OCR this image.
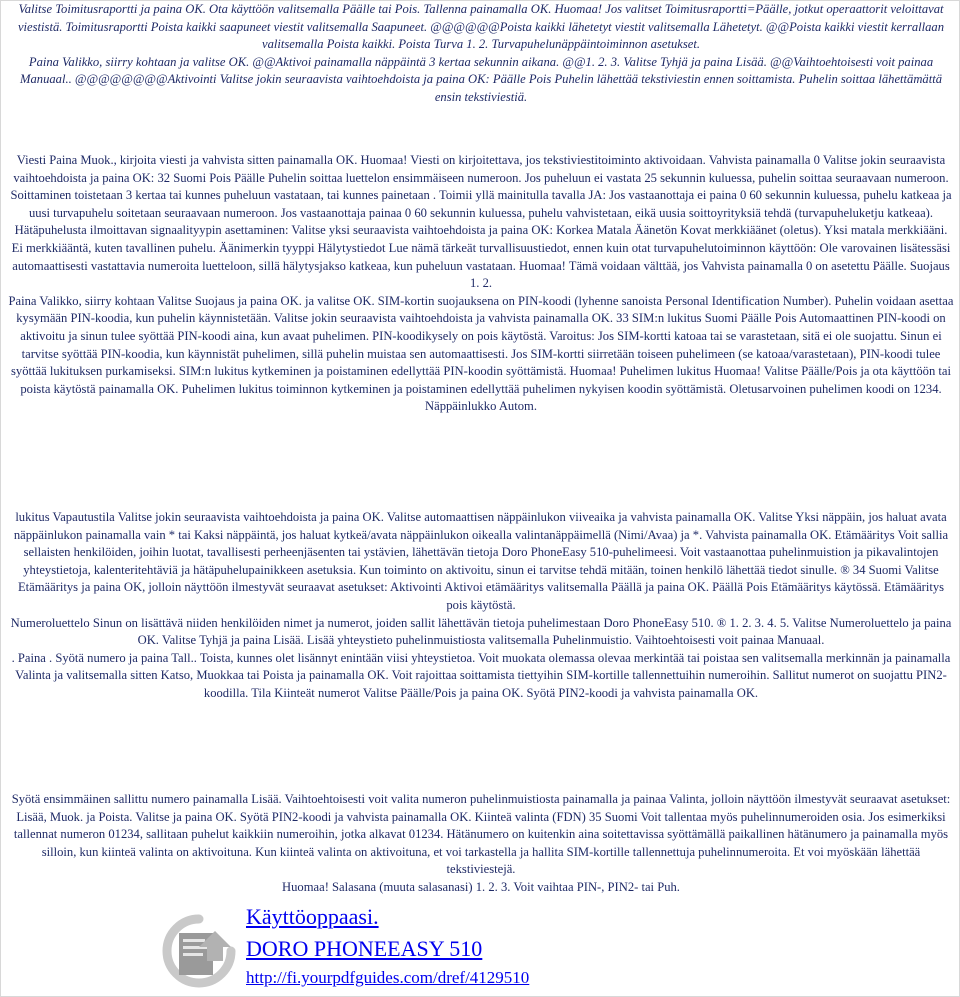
Valitse Toimitusraportti ja paina OK. Ota käyttöön valitsemalla Päälle tai Pois. Tallenna painamalla OK. Huomaa! Jos valitset Toimitusraportti=Päälle, jotkut operaattorit veloittavat viestistä. Toimitusraportti Poista kaikki saapuneet viestit valitsemalla Saapuneet. @@@@@@Poista kaikki lähetetyt viestit valitsemalla Lähetetyt. @@Poista kaikki viestit kerrallaan valitsemalla Poista kaikki. Poista Turva 1. 2. Turvapuhelunäppäintoiminnon asetukset.
Paina Valikko, siirry kohtaan ja valitse OK. @@Aktivoi painamalla näppäintä 3 kertaa sekunnin aikana. @@1. 2. 3. Valitse Tyhjä ja paina Lisää. @@Vaihtoehtoisesti voit painaa Manuaal.. @@@@@@@@Aktivointi Valitse jokin seuraavista vaihtoehdoista ja paina OK: Päälle Pois Puhelin lähettää tekstiviestin ennen soittamista. Puhelin soittaa lähettämättä ensin tekstiviestiä.
Viesti Paina Muok., kirjoita viesti ja vahvista sitten painamalla OK. Huomaa! Viesti on kirjoitettava, jos tekstiviestitoiminto aktivoidaan. Vahvista painamalla 0 Valitse jokin seuraavista vaihtoehdoista ja paina OK: 32 Suomi Pois Päälle Puhelin soittaa luettelon ensimmäiseen numeroon. Jos puheluun ei vastata 25 sekunnin kuluessa, puhelin soittaa seuraavaan numeroon. Soittaminen toistetaan 3 kertaa tai kunnes puheluun vastataan, tai kunnes painetaan . Toimii yllä mainitulla tavalla JA: Jos vastaanottaja ei paina 0 60 sekunnin kuluessa, puhelu katkeaa ja uusi turvapuhelu soitetaan seuraavaan numeroon. Jos vastaanottaja painaa 0 60 sekunnin kuluessa, puhelu vahvistetaan, eikä uusia soittoyrityksiä tehdä (turvapuheluketju katkeaa). Hätäpuhelusta ilmoittavan signaalityypin asettaminen: Valitse yksi seuraavista vaihtoehdoista ja paina OK: Korkea Matala Äänetön Kovat merkkiäänet (oletus). Yksi matala merkkiääni.
Ei merkkiääntä, kuten tavallinen puhelu. Äänimerkin tyyppi Hälytystiedot Lue nämä tärkeät turvallisuustiedot, ennen kuin otat turvapuhelutoiminnon käyttöön: Ole varovainen lisätessäsi automaattisesti vastattavia numeroita luetteloon, sillä hälytysjakso katkeaa, kun puheluun vastataan. Huomaa! Tämä voidaan välttää, jos Vahvista painamalla 0 on asetettu Päälle. Suojaus 1. 2.
Paina Valikko, siirry kohtaan Valitse Suojaus ja paina OK. ja valitse OK. SIM-kortin suojauksena on PIN-koodi (lyhenne sanoista Personal Identification Number). Puhelin voidaan asettaa kysymään PIN-koodia, kun puhelin käynnistetään. Valitse jokin seuraavista vaihtoehdoista ja vahvista painamalla OK. 33 SIM:n lukitus Suomi Päälle Pois Automaattinen PIN-koodi on aktivoitu ja sinun tulee syöttää PIN-koodi aina, kun avaat puhelimen. PIN-koodikysely on pois käytöstä. Varoitus: Jos SIM-kortti katoaa tai se varastetaan, sitä ei ole suojattu. Sinun ei tarvitse syöttää PIN-koodia, kun käynnistät puhelimen, sillä puhelin muistaa sen automaattisesti. Jos SIM-kortti siirretään toiseen puhelimeen (se katoaa/varastetaan), PIN-koodi tulee syöttää lukituksen purkamiseksi. SIM:n lukitus kytkeminen ja poistaminen edellyttää PIN-koodin syöttämistä. Huomaa! Puhelimen lukitus Huomaa! Valitse Päälle/Pois ja ota käyttöön tai poista käytöstä painamalla OK. Puhelimen lukitus toiminnon kytkeminen ja poistaminen edellyttää puhelimen nykyisen koodin syöttämistä. Oletusarvoinen puhelimen koodi on 1234. Näppäinlukko Autom.
lukitus Vapautustila Valitse jokin seuraavista vaihtoehdoista ja paina OK. Valitse automaattisen näppäinlukon viiveaika ja vahvista painamalla OK. Valitse Yksi näppäin, jos haluat avata näppäinlukon painamalla vain * tai Kaksi näppäintä, jos haluat kytkeä/avata näppäinlukon oikealla valintanäppäimellä (Nimi/Avaa) ja *. Vahvista painamalla OK. Etämääritys Voit sallia sellaisten henkilöiden, joihin luotat, tavallisesti perheenjäsenten tai ystävien, lähettävän tietoja Doro PhoneEasy 510-puhelimeesi. Voit vastaanottaa puhelinmuistion ja pikavalintojen yhteystietoja, kalenteritehtäviä ja hätäpuhelupainikkeen asetuksia. Kun toiminto on aktivoitu, sinun ei tarvitse tehdä mitään, toinen henkilö lähettää tiedot sinulle. ® 34 Suomi Valitse Etämääritys ja paina OK, jolloin näyttöön ilmestyvät seuraavat asetukset: Aktivointi Aktivoi etämääritys valitsemalla Päällä ja paina OK. Päällä Pois Etämääritys käytössä. Etämääritys pois käytöstä.
Numeroluettelo Sinun on lisättävä niiden henkilöiden nimet ja numerot, joiden sallit lähettävän tietoja puhelimestaan Doro PhoneEasy 510. ® 1. 2. 3. 4. 5. Valitse Numeroluettelo ja paina OK. Valitse Tyhjä ja paina Lisää. Lisää yhteystieto puhelinmuistiosta valitsemalla Puhelinmuistio. Vaihtoehtoisesti voit painaa Manuaal.
. Paina . Syötä numero ja paina Tall.. Toista, kunnes olet lisännyt enintään viisi yhteystietoa. Voit muokata olemassa olevaa merkintää tai poistaa sen valitsemalla merkinnän ja painamalla Valinta ja valitsemalla sitten Katso, Muokkaa tai Poista ja painamalla OK. Voit rajoittaa soittamista tiettyihin SIM-kortille tallennettuihin numeroihin. Sallitut numerot on suojattu PIN2-koodilla. Tila Kiinteät numerot Valitse Päälle/Pois ja paina OK. Syötä PIN2-koodi ja vahvista painamalla OK.
Syötä ensimmäinen sallittu numero painamalla Lisää. Vaihtoehtoisesti voit valita numeron puhelinmuistiosta painamalla ja painaa Valinta, jolloin näyttöön ilmestyvät seuraavat asetukset: Lisää, Muok. ja Poista. Valitse ja paina OK. Syötä PIN2-koodi ja vahvista painamalla OK. Kiinteä valinta (FDN) 35 Suomi Voit tallentaa myös puhelinnumeroiden osia. Jos esimerkiksi tallennat numeron 01234, sallitaan puhelut kaikkiin numeroihin, jotka alkavat 01234. Hätänumero on kuitenkin aina soitettavissa syöttämällä paikallinen hätänumero ja painamalla myös silloin, kun kiinteä valinta on aktivoituna. Kun kiinteä valinta on aktivoituna, et voi tarkastella ja hallita SIM-kortille tallennettuja puhelinnumeroita. Et voi myöskään lähettää tekstiviestejä.
Huomaa! Salasana (muuta salasanasi) 1. 2. 3. Voit vaihtaa PIN-, PIN2- tai Puh.
Käyttöoppaasi.
DORO PHONEEASY 510
http://fi.yourpdfguides.com/dref/4129510
